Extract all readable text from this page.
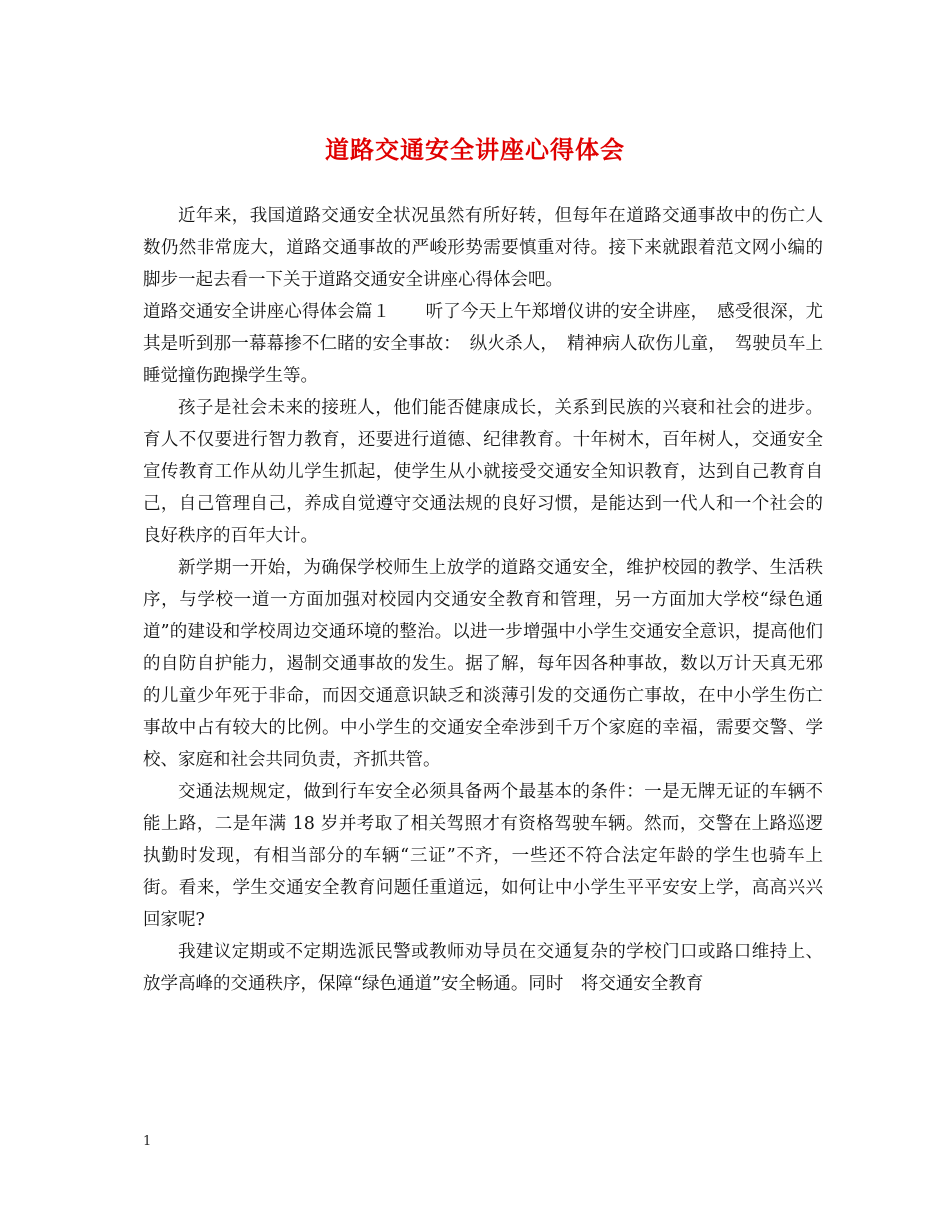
道路交通安全讲座心得体会

近年来，我国道路交通安全状况虽然有所好转，但每年在道路交通事故中的伤亡人数仍然非常庞大，道路交通事故的严峻形势需要慎重对待。接下来就跟着范文网小编的脚步一起去看一下关于道路交通安全讲座心得体会吧。

道路交通安全讲座心得体会篇１　　听了今天上午郑增仪讲的安全讲座，　感受很深，尤其是听到那一幕幕掺不仁睹的安全事故：　纵火杀人，　精神病人砍伤儿童，　驾驶员车上睡觉撞伤跑操学生等。

孩子是社会未来的接班人，他们能否健康成长，关系到民族的兴衰和社会的进步。育人不仅要进行智力教育，还要进行道德、纪律教育。十年树木，百年树人，交通安全宣传教育工作从幼儿学生抓起，使学生从小就接受交通安全知识教育，达到自己教育自己，自己管理自己，养成自觉遵守交通法规的良好习惯，是能达到一代人和一个社会的良好秩序的百年大计。

新学期一开始，为确保学校师生上放学的道路交通安全，维护校园的教学、生活秩序，与学校一道一方面加强对校园内交通安全教育和管理，另一方面加大学校“绿色通道”的建设和学校周边交通环境的整治。以进一步增强中小学生交通安全意识，提高他们的自防自护能力，遏制交通事故的发生。据了解，每年因各种事故，数以万计天真无邪的儿童少年死于非命，而因交通意识缺乏和淡薄引发的交通伤亡事故，在中小学生伤亡事故中占有较大的比例。中小学生的交通安全牵涉到千万个家庭的幸福，需要交警、学校、家庭和社会共同负责，齐抓共管。

交通法规规定，做到行车安全必须具备两个最基本的条件：一是无牌无证的车辆不能上路，二是年满 18 岁并考取了相关驾照才有资格驾驶车辆。然而，交警在上路巡逻执勤时发现，有相当部分的车辆“三证”不齐，一些还不符合法定年龄的学生也骑车上街。看来，学生交通安全教育问题任重道远，如何让中小学生平平安安上学，高高兴兴回家呢?

我建议定期或不定期选派民警或教师劝导员在交通复杂的学校门口或路口维持上、放学高峰的交通秩序，保障“绿色通道”安全畅通。同时　将交通安全教育

1
